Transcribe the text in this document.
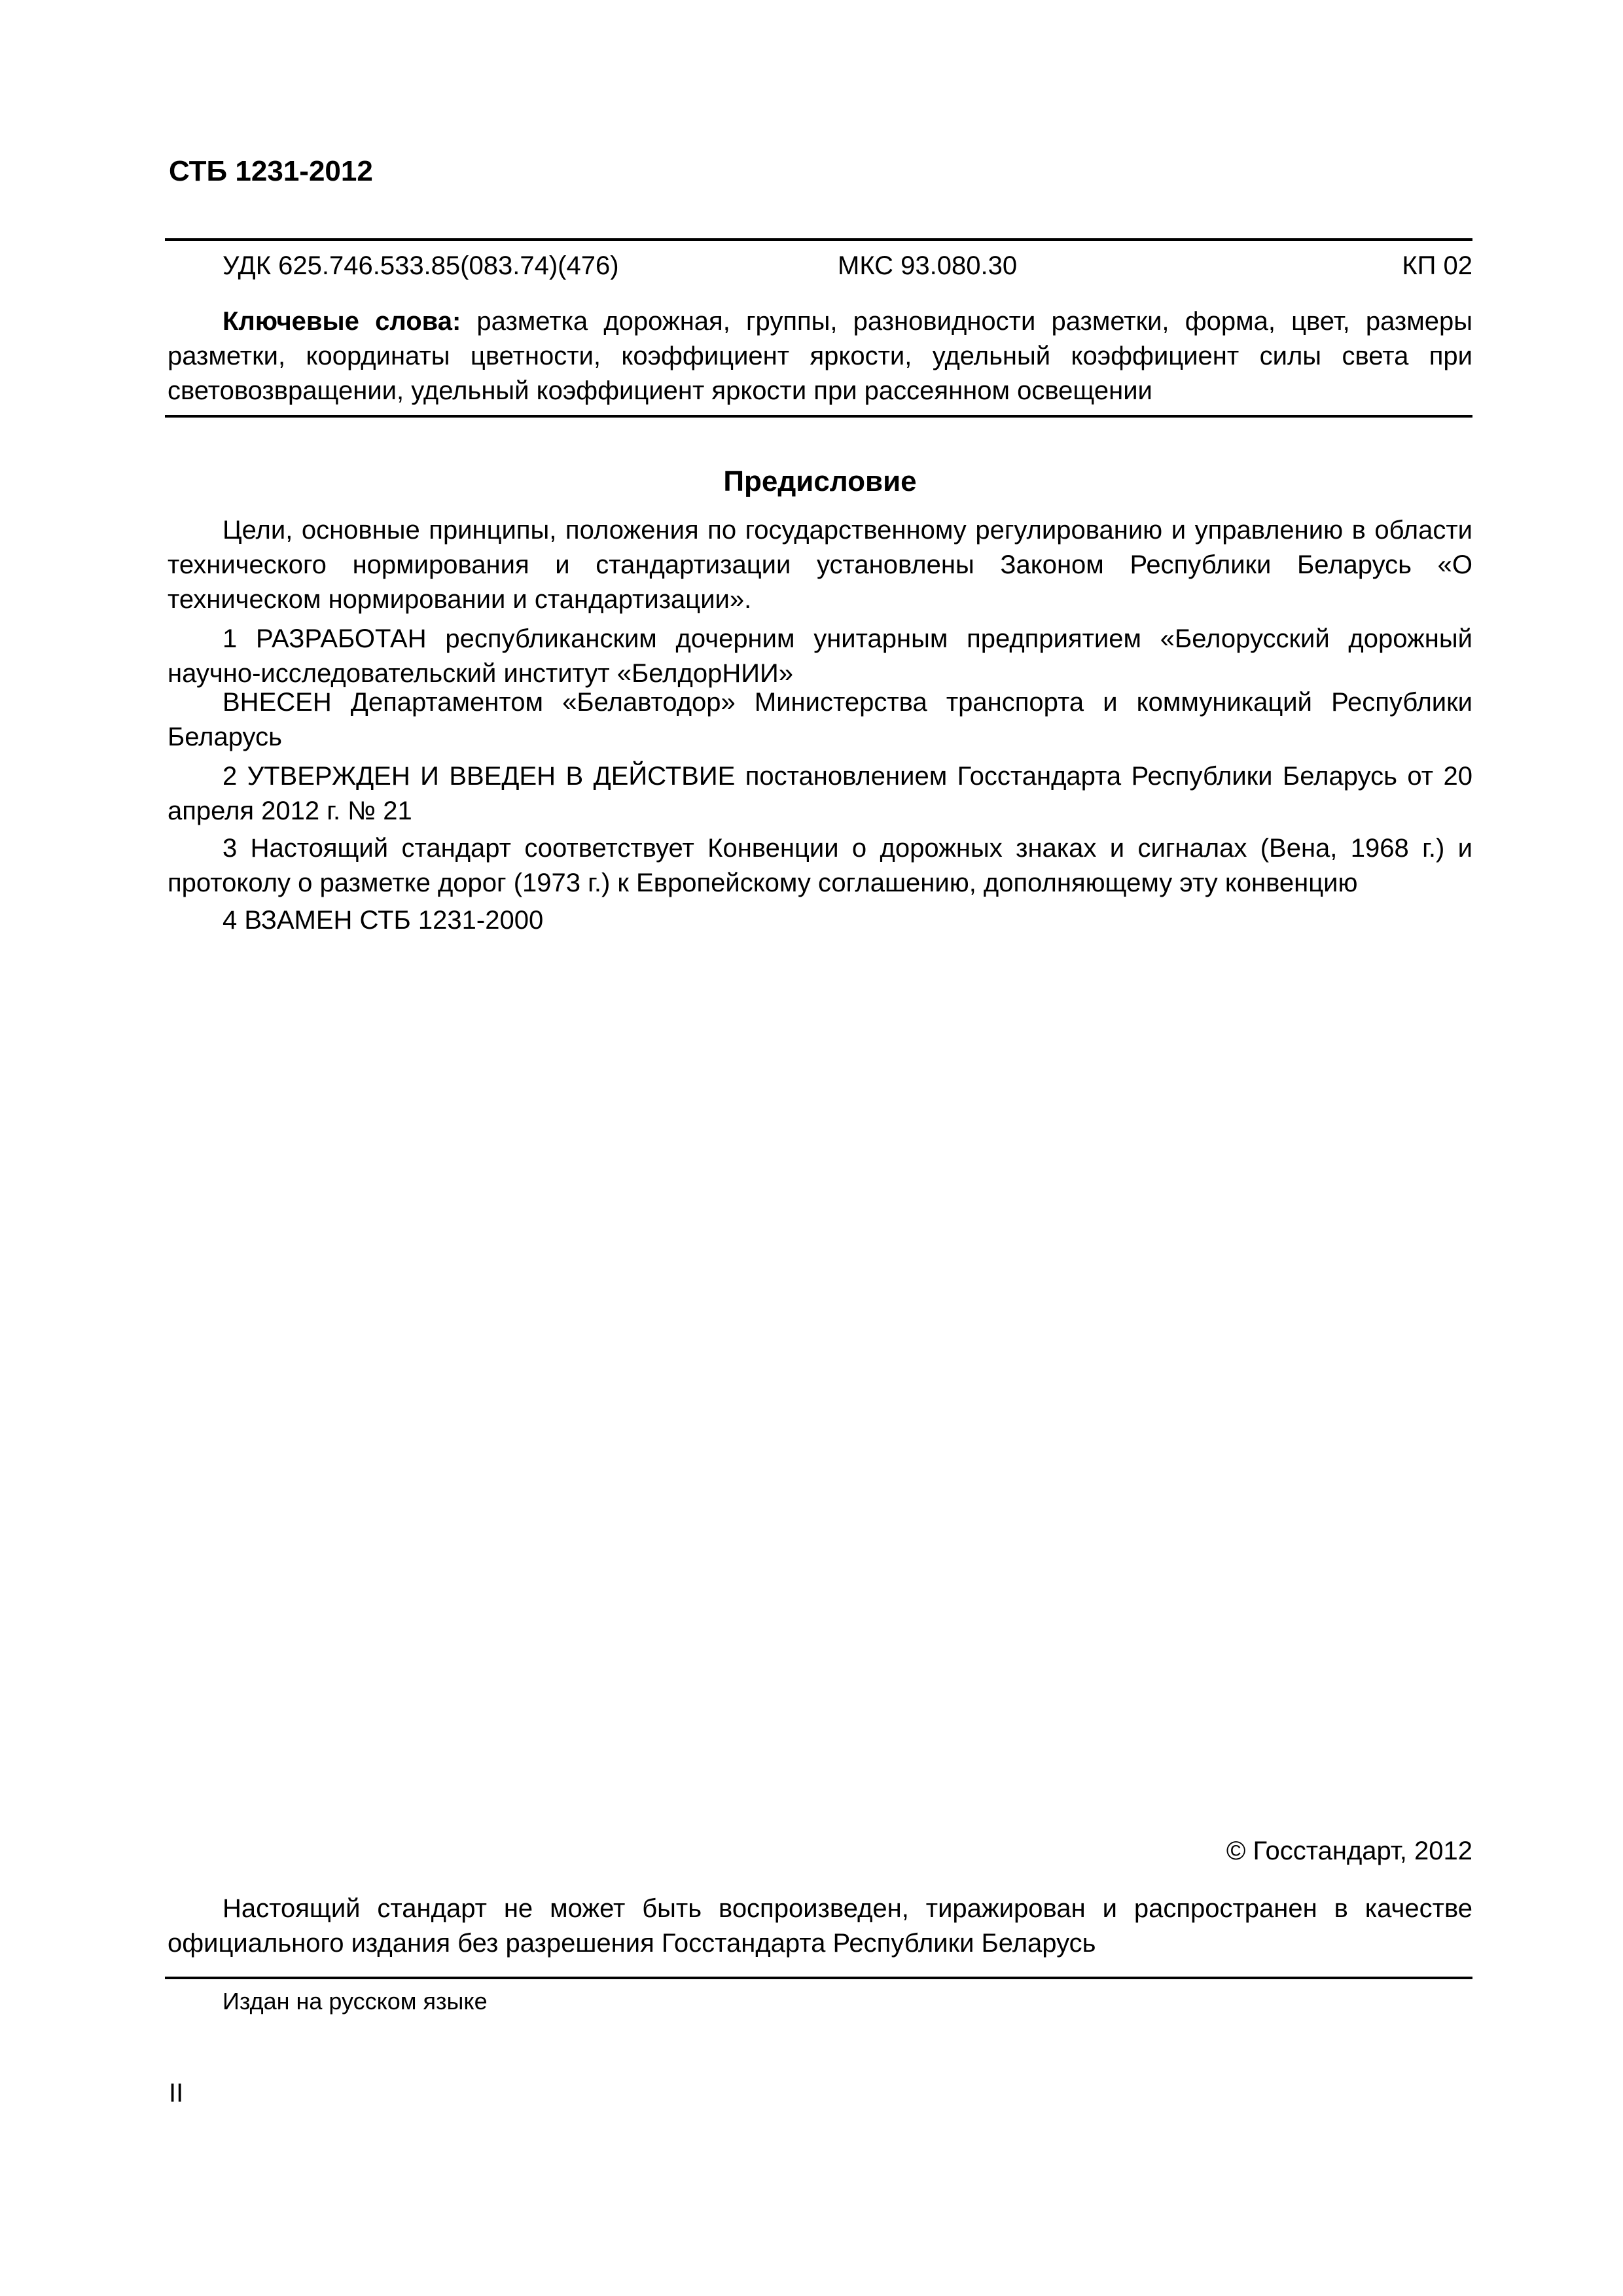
СТБ 1231-2012
УДК 625.746.533.85(083.74)(476)	МКС 93.080.30	КП 02
Ключевые слова: разметка дорожная, группы, разновидности разметки, форма, цвет, размеры разметки, координаты цветности, коэффициент яркости, удельный коэффициент силы света при световозвращении, удельный коэффициент яркости при рассеянном освещении
Предисловие
Цели, основные принципы, положения по государственному регулированию и управлению в области технического нормирования и стандартизации установлены Законом Республики Беларусь «О техническом нормировании и стандартизации».
1 РАЗРАБОТАН республиканским дочерним унитарным предприятием «Белорусский дорожный научно-исследовательский институт «БелдорНИИ»
ВНЕСЕН Департаментом «Белавтодор» Министерства транспорта и коммуникаций Республики Беларусь
2 УТВЕРЖДЕН И ВВЕДЕН В ДЕЙСТВИЕ постановлением Госстандарта Республики Беларусь от 20 апреля 2012 г. № 21
3 Настоящий стандарт соответствует Конвенции о дорожных знаках и сигналах (Вена, 1968 г.) и протоколу о разметке дорог (1973 г.) к Европейскому соглашению, дополняющему эту конвенцию
4 ВЗАМЕН СТБ 1231-2000
© Госстандарт, 2012
Настоящий стандарт не может быть воспроизведен, тиражирован и распространен в качестве официального издания без разрешения Госстандарта Республики Беларусь
Издан на русском языке
II
